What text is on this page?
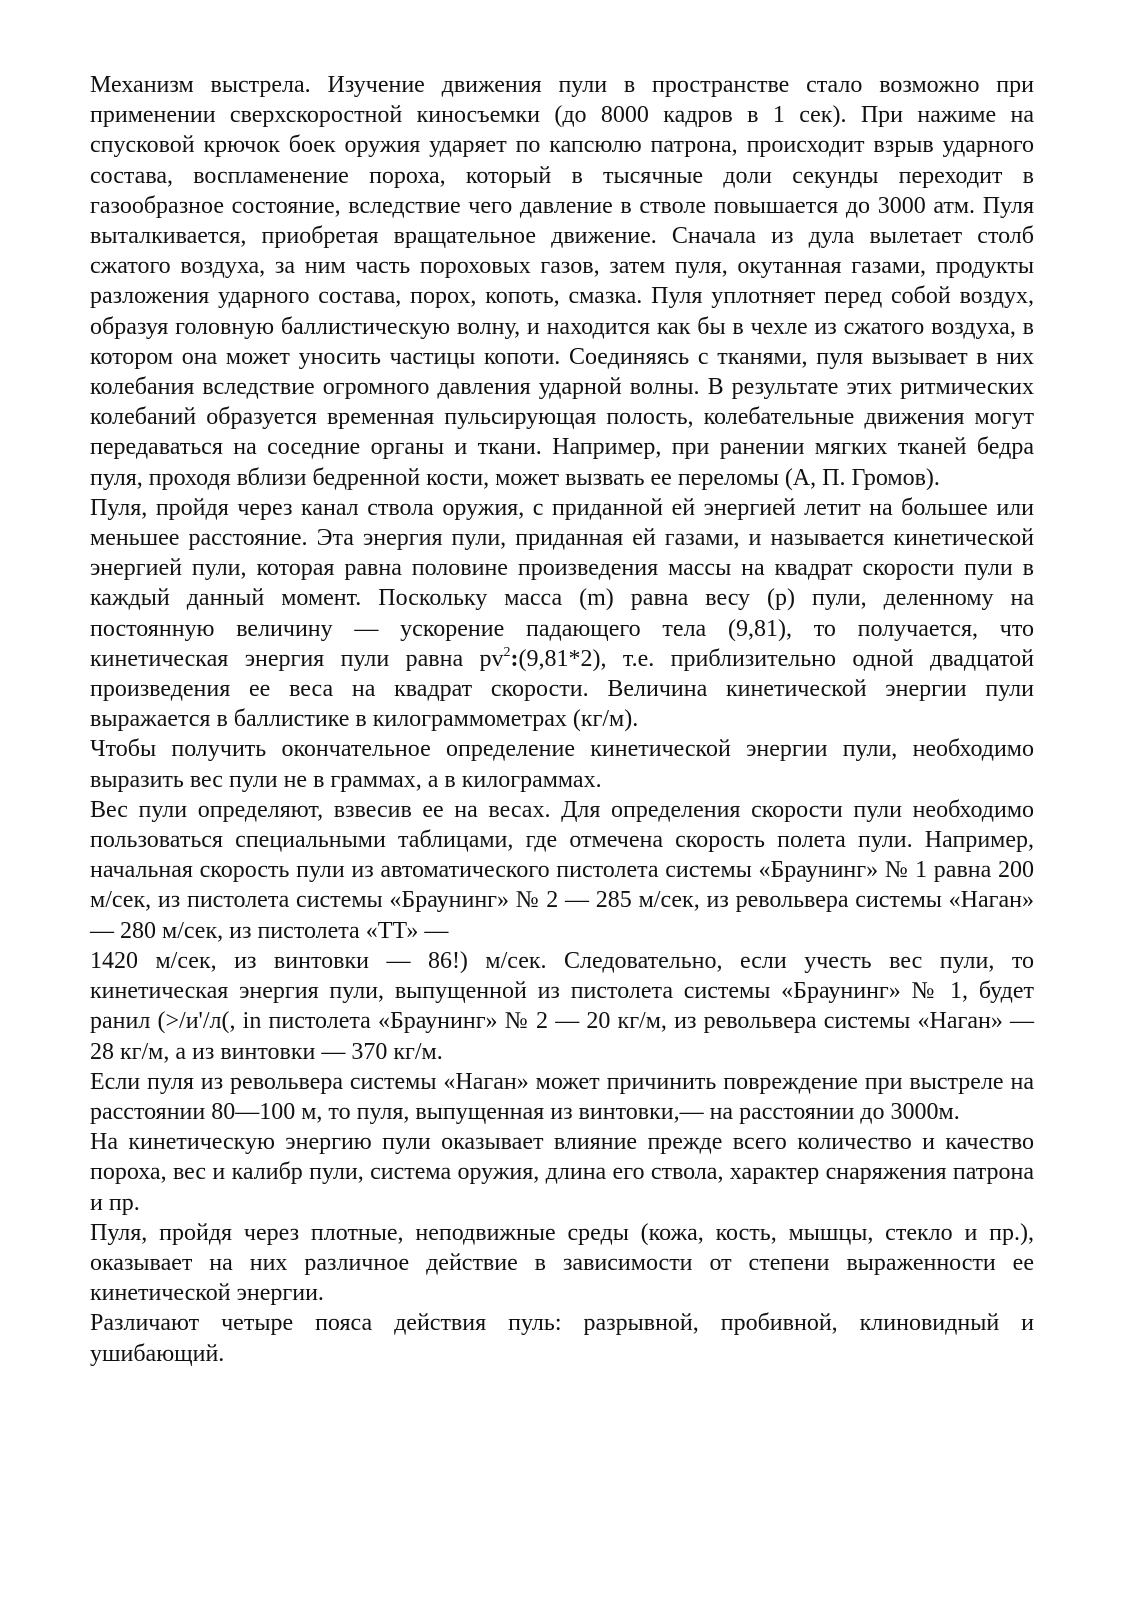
Механизм выстрела. Изучение движения пули в пространстве стало возможно при применении сверхскоростной киносъемки (до 8000 кадров в 1 сек). При нажиме на спусковой крючок боек оружия ударяет по капсюлю патрона, происходит взрыв ударного состава, воспламенение пороха, который в тысячные доли секунды переходит в газообразное состояние, вследствие чего давление в стволе повышается до 3000 атм. Пуля выталкивается, приобретая вращательное движение. Сначала из дула вылетает столб сжатого воздуха, за ним часть пороховых газов, затем пуля, окутанная газами, продукты разложения ударного состава, порох, копоть, смазка. Пуля уплотняет перед собой воздух, образуя головную баллистическую волну, и находится как бы в чехле из сжатого воздуха, в котором она может уносить частицы копоти. Соединяясь с тканями, пуля вызывает в них колебания вследствие огромного давления ударной волны. В результате этих ритмических колебаний образуется временная пульсирующая полость, колебательные движения могут передаваться на соседние органы и ткани. Например, при ранении мягких тканей бедра пуля, проходя вблизи бедренной кости, может вызвать ее переломы (А, П. Громов).

Пуля, пройдя через канал ствола оружия, с приданной ей энергией летит на большее или меньшее расстояние. Эта энергия пули, приданная ей газами, и называется кинетической энергией пули, которая равна половине произведения массы на квадрат скорости пули в каждый данный момент. Поскольку масса (m) равна весу (р) пули, деленному на постоянную величину — ускорение падающего тела (9,81), то получается, что кинетическая энергия пули равна $рv^2:(9,81*2)$, т.е. приблизительно одной двадцатой произведения ее веса на квадрат скорости. Величина кинетической энергии пули выражается в баллистике в килограммометрах (кг/м).

Чтобы получить окончательное определение кинетической энергии пули, необходимо выразить вес пули не в граммах, а в килограммах.

Вес пули определяют, взвесив ее на весах. Для определения скорости пули необходимо пользоваться специальными таблицами, где отмечена скорость полета пули. Например, начальная скорость пули из автоматического пистолета системы «Браунинг» № 1 равна 200 м/сек, из пистолета системы «Браунинг» № 2 — 285 м/сек, из револьвера системы «Наган» — 280 м/сек, из пистолета «ТТ» —

1420 м/сек, из винтовки — 86!) м/сек. Следовательно, если учесть вес пули, то кинетическая энергия пули, выпущенной из пистолета системы «Браунинг» № 1, будет ранил (>/и'/л(, in пистолета «Браунинг» № 2 — 20 кг/м, из револьвера системы «Наган» — 28 кг/м, а из винтовки — 370 кг/м.

Если пуля из револьвера системы «Наган» может причинить повреждение при выстреле на расстоянии 80—100 м, то пуля, выпущенная из винтовки,— на расстоянии до 3000м.

На кинетическую энергию пули оказывает влияние прежде всего количество и качество пороха, вес и калибр пули, система оружия, длина его ствола, характер снаряжения патрона и пр.

Пуля, пройдя через плотные, неподвижные среды (кожа, кость, мышцы, стекло и пр.), оказывает на них различное действие в зависимости от степени выраженности ее кинетической энергии.

Различают четыре пояса действия пуль: разрывной, пробивной, клиновидный и ушибающий.
